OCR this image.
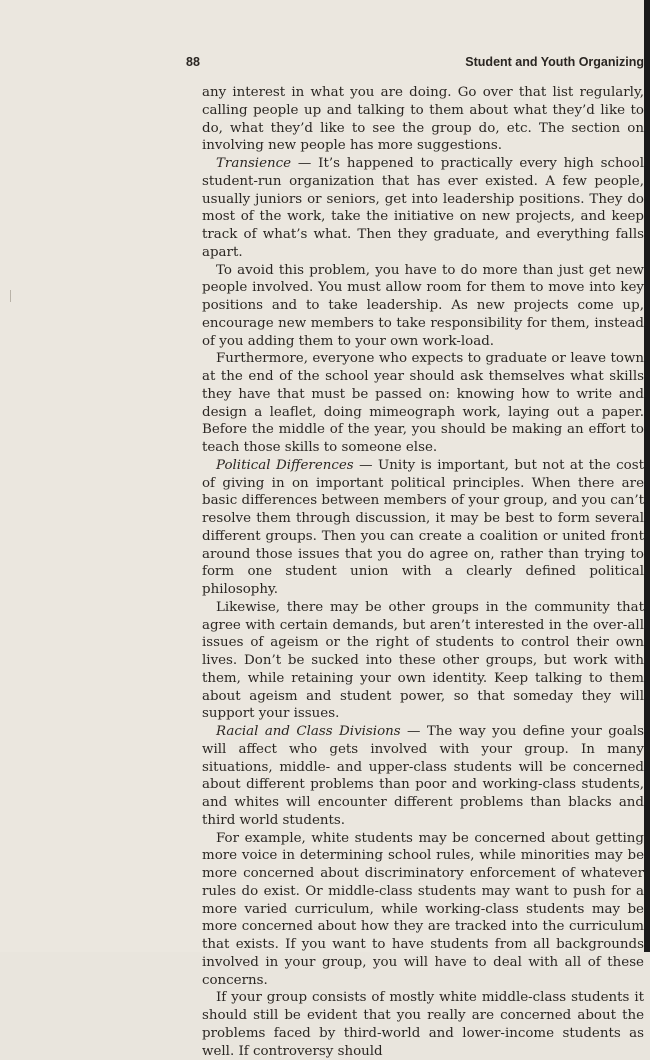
88	Student and Youth Organizing

any interest in what you are doing. Go over that list regularly, calling people up and talking to them about what they’d like to do, what they’d like to see the group do, etc. The section on involving new people has more suggestions.

Transience — It’s happened to practically every high school student-run organization that has ever existed. A few people, usually juniors or seniors, get into leadership positions. They do most of the work, take the initiative on new projects, and keep track of what’s what. Then they graduate, and everything falls apart.

To avoid this problem, you have to do more than just get new people involved. You must allow room for them to move into key positions and to take leadership. As new projects come up, encourage new members to take responsibility for them, instead of you adding them to your own work-load.

Furthermore, everyone who expects to graduate or leave town at the end of the school year should ask themselves what skills they have that must be passed on: knowing how to write and design a leaflet, doing mimeograph work, laying out a paper. Before the middle of the year, you should be making an effort to teach those skills to someone else.

Political Differences — Unity is important, but not at the cost of giving in on important political principles. When there are basic differences between members of your group, and you can’t resolve them through discussion, it may be best to form several different groups. Then you can create a coalition or united front around those issues that you do agree on, rather than trying to form one student union with a clearly defined political philosophy.

Likewise, there may be other groups in the community that agree with certain demands, but aren’t interested in the over-all issues of ageism or the right of students to control their own lives. Don’t be sucked into these other groups, but work with them, while retaining your own identity. Keep talking to them about ageism and student power, so that someday they will support your issues.

Racial and Class Divisions — The way you define your goals will affect who gets involved with your group. In many situations, middle- and upper-class students will be concerned about different problems than poor and working-class students, and whites will encounter different problems than blacks and third world students.

For example, white students may be concerned about getting more voice in determining school rules, while minorities may be more concerned about discriminatory enforcement of whatever rules do exist. Or middle-class students may want to push for a more varied curriculum, while working-class students may be more concerned about how they are tracked into the curriculum that exists. If you want to have students from all backgrounds involved in your group, you will have to deal with all of these concerns.

If your group consists of mostly white middle-class students it should still be evident that you really are concerned about the problems faced by third-world and lower-income students as well. If controversy should
